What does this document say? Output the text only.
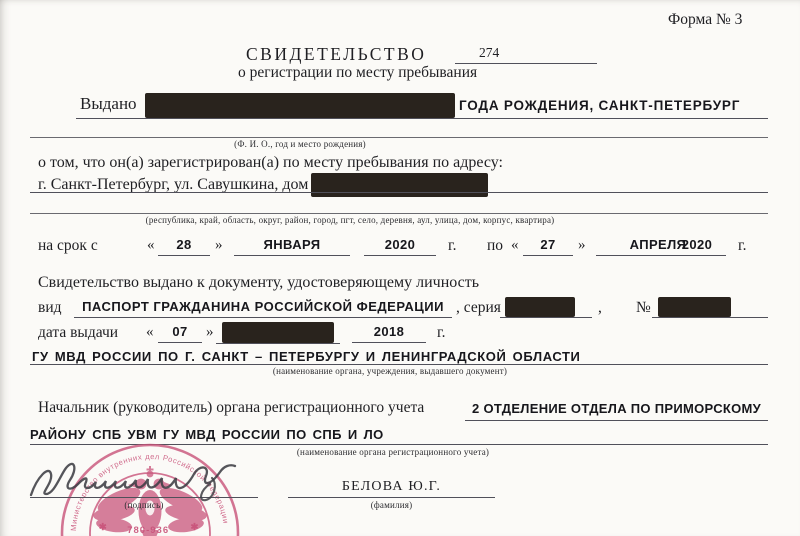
Форма № 3
СВИДЕТЕЛЬСТВО	274
о регистрации по месту пребывания
Выдано	ГОДА РОЖДЕНИЯ, САНКТ-ПЕТЕРБУРГ
(Ф. И. О., год и место рождения)
о том, что он(а) зарегистрирован(а) по месту пребывания по адресу:
г. Санкт-Петербург, ул. Савушкина, дом
(республика, край, область, округ, район, город, пгт, село, деревня, аул, улица, дом, корпус, квартира)
на срок с	«	28	»	ЯНВАРЯ	2020	г. по «	27	»	АПРЕЛЯ
2020	г.
Свидетельство выдано к документу, удостоверяющему личность
вид	ПАСПОРТ ГРАЖДАНИНА РОССИЙСКОЙ ФЕДЕРАЦИИ , серия	, №
дата выдачи «	07	»	2018	г.
ГУ МВД РОССИИ ПО Г. САНКТ – ПЕТЕРБУРГУ И ЛЕНИНГРАДСКОЙ ОБЛАСТИ
(наименование органа, учреждения, выдавшего документ)
Начальник (руководитель) органа регистрационного учета	2 ОТДЕЛЕНИЕ ОТДЕЛА ПО ПРИМОРСКОМУ
РАЙОНУ СПБ УВМ ГУ МВД РОССИИ ПО СПБ И ЛО
(наименование органа регистрационного учета)
Министерство внутренних дел Российской Федерации
✱ 780-936 ✱
(подпись)
БЕЛОВА Ю.Г.
(фамилия)
